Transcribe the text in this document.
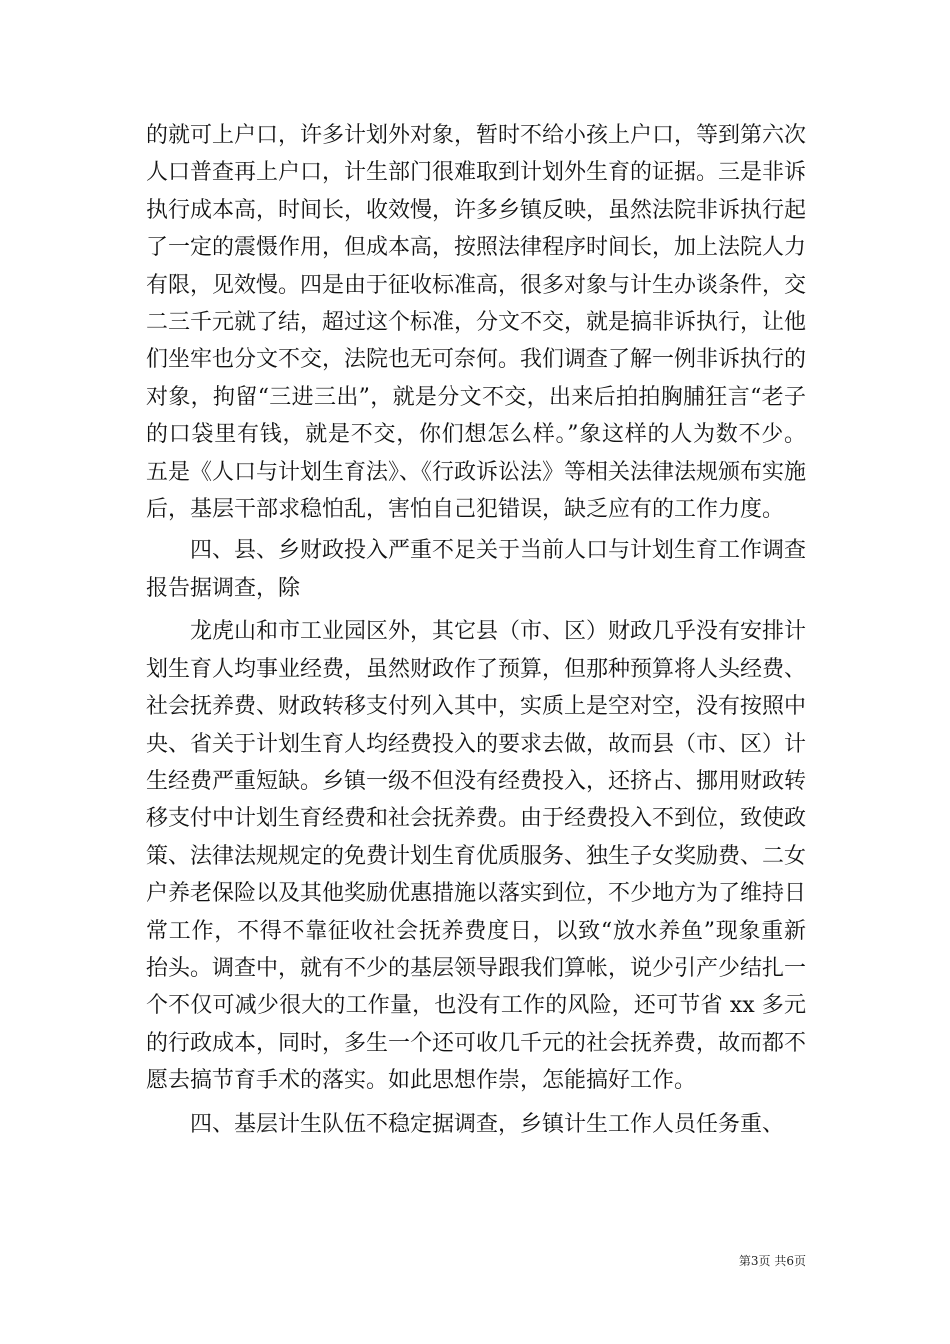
的就可上户口，许多计划外对象，暂时不给小孩上户口，等到第六次人口普查再上户口，计生部门很难取到计划外生育的证据。三是非诉执行成本高，时间长，收效慢，许多乡镇反映，虽然法院非诉执行起了一定的震慑作用，但成本高，按照法律程序时间长，加上法院人力有限，见效慢。四是由于征收标准高，很多对象与计生办谈条件，交二三千元就了结，超过这个标准，分文不交，就是搞非诉执行，让他们坐牢也分文不交，法院也无可奈何。我们调查了解一例非诉执行的对象，拘留“三进三出”，就是分文不交，出来后拍拍胸脯狂言“老子的口袋里有钱，就是不交，你们想怎么样。”象这样的人为数不少。五是《人口与计划生育法》、《行政诉讼法》等相关法律法规颁布实施后，基层干部求稳怕乱，害怕自己犯错误，缺乏应有的工作力度。

四、县、乡财政投入严重不足关于当前人口与计划生育工作调查报告据调查，除

龙虎山和市工业园区外，其它县（市、区）财政几乎没有安排计划生育人均事业经费，虽然财政作了预算，但那种预算将人头经费、社会抚养费、财政转移支付列入其中，实质上是空对空，没有按照中央、省关于计划生育人均经费投入的要求去做，故而县（市、区）计生经费严重短缺。乡镇一级不但没有经费投入，还挤占、挪用财政转移支付中计划生育经费和社会抚养费。由于经费投入不到位，致使政策、法律法规规定的免费计划生育优质服务、独生子女奖励费、二女户养老保险以及其他奖励优惠措施以落实到位，不少地方为了维持日常工作，不得不靠征收社会抚养费度日，以致“放水养鱼”现象重新抬头。调查中，就有不少的基层领导跟我们算帐，说少引产少结扎一个不仅可减少很大的工作量，也没有工作的风险，还可节省 xx 多元的行政成本，同时，多生一个还可收几千元的社会抚养费，故而都不愿去搞节育手术的落实。如此思想作崇，怎能搞好工作。

四、基层计生队伍不稳定据调查，乡镇计生工作人员任务重、

第3页 共6页
